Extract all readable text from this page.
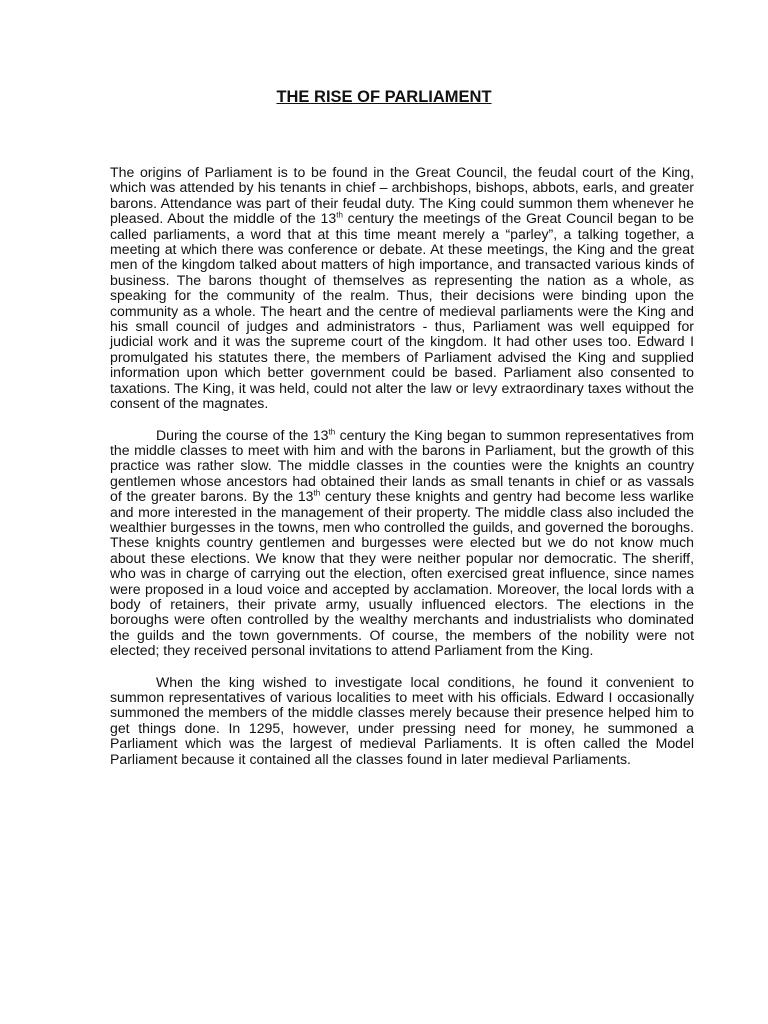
THE RISE OF PARLIAMENT

The origins of Parliament is to be found in the Great Council, the feudal court of the King, which was attended by his tenants in chief – archbishops, bishops, abbots, earls, and greater barons. Attendance was part of their feudal duty. The King could summon them whenever he pleased. About the middle of the 13th century the meetings of the Great Council began to be called parliaments, a word that at this time meant merely a “parley”, a talking together, a meeting at which there was conference or debate. At these meetings, the King and the great men of the kingdom talked about matters of high importance, and transacted various kinds of business. The barons thought of themselves as representing the nation as a whole, as speaking for the community of the realm. Thus, their decisions were binding upon the community as a whole. The heart and the centre of medieval parliaments were the King and his small council of judges and administrators - thus, Parliament was well equipped for judicial work and it was the supreme court of the kingdom. It had other uses too. Edward I promulgated his statutes there, the members of Parliament advised the King and supplied information upon which better government could be based. Parliament also consented to taxations. The King, it was held, could not alter the law or levy extraordinary taxes without the consent of the magnates.

During the course of the 13th century the King began to summon representatives from the middle classes to meet with him and with the barons in Parliament, but the growth of this practice was rather slow. The middle classes in the counties were the knights an country gentlemen whose ancestors had obtained their lands as small tenants in chief or as vassals of the greater barons. By the 13th century these knights and gentry had become less warlike and more interested in the management of their property. The middle class also included the wealthier burgesses in the towns, men who controlled the guilds, and governed the boroughs. These knights country gentlemen and burgesses were elected but we do not know much about these elections. We know that they were neither popular nor democratic. The sheriff, who was in charge of carrying out the election, often exercised great influence, since names were proposed in a loud voice and accepted by acclamation. Moreover, the local lords with a body of retainers, their private army, usually influenced electors. The elections in the boroughs were often controlled by the wealthy merchants and industrialists who dominated the guilds and the town governments. Of course, the members of the nobility were not elected; they received personal invitations to attend Parliament from the King.

When the king wished to investigate local conditions, he found it convenient to summon representatives of various localities to meet with his officials. Edward I occasionally summoned the members of the middle classes merely because their presence helped him to get things done. In 1295, however, under pressing need for money, he summoned a Parliament which was the largest of medieval Parliaments. It is often called the Model Parliament because it contained all the classes found in later medieval Parliaments.
